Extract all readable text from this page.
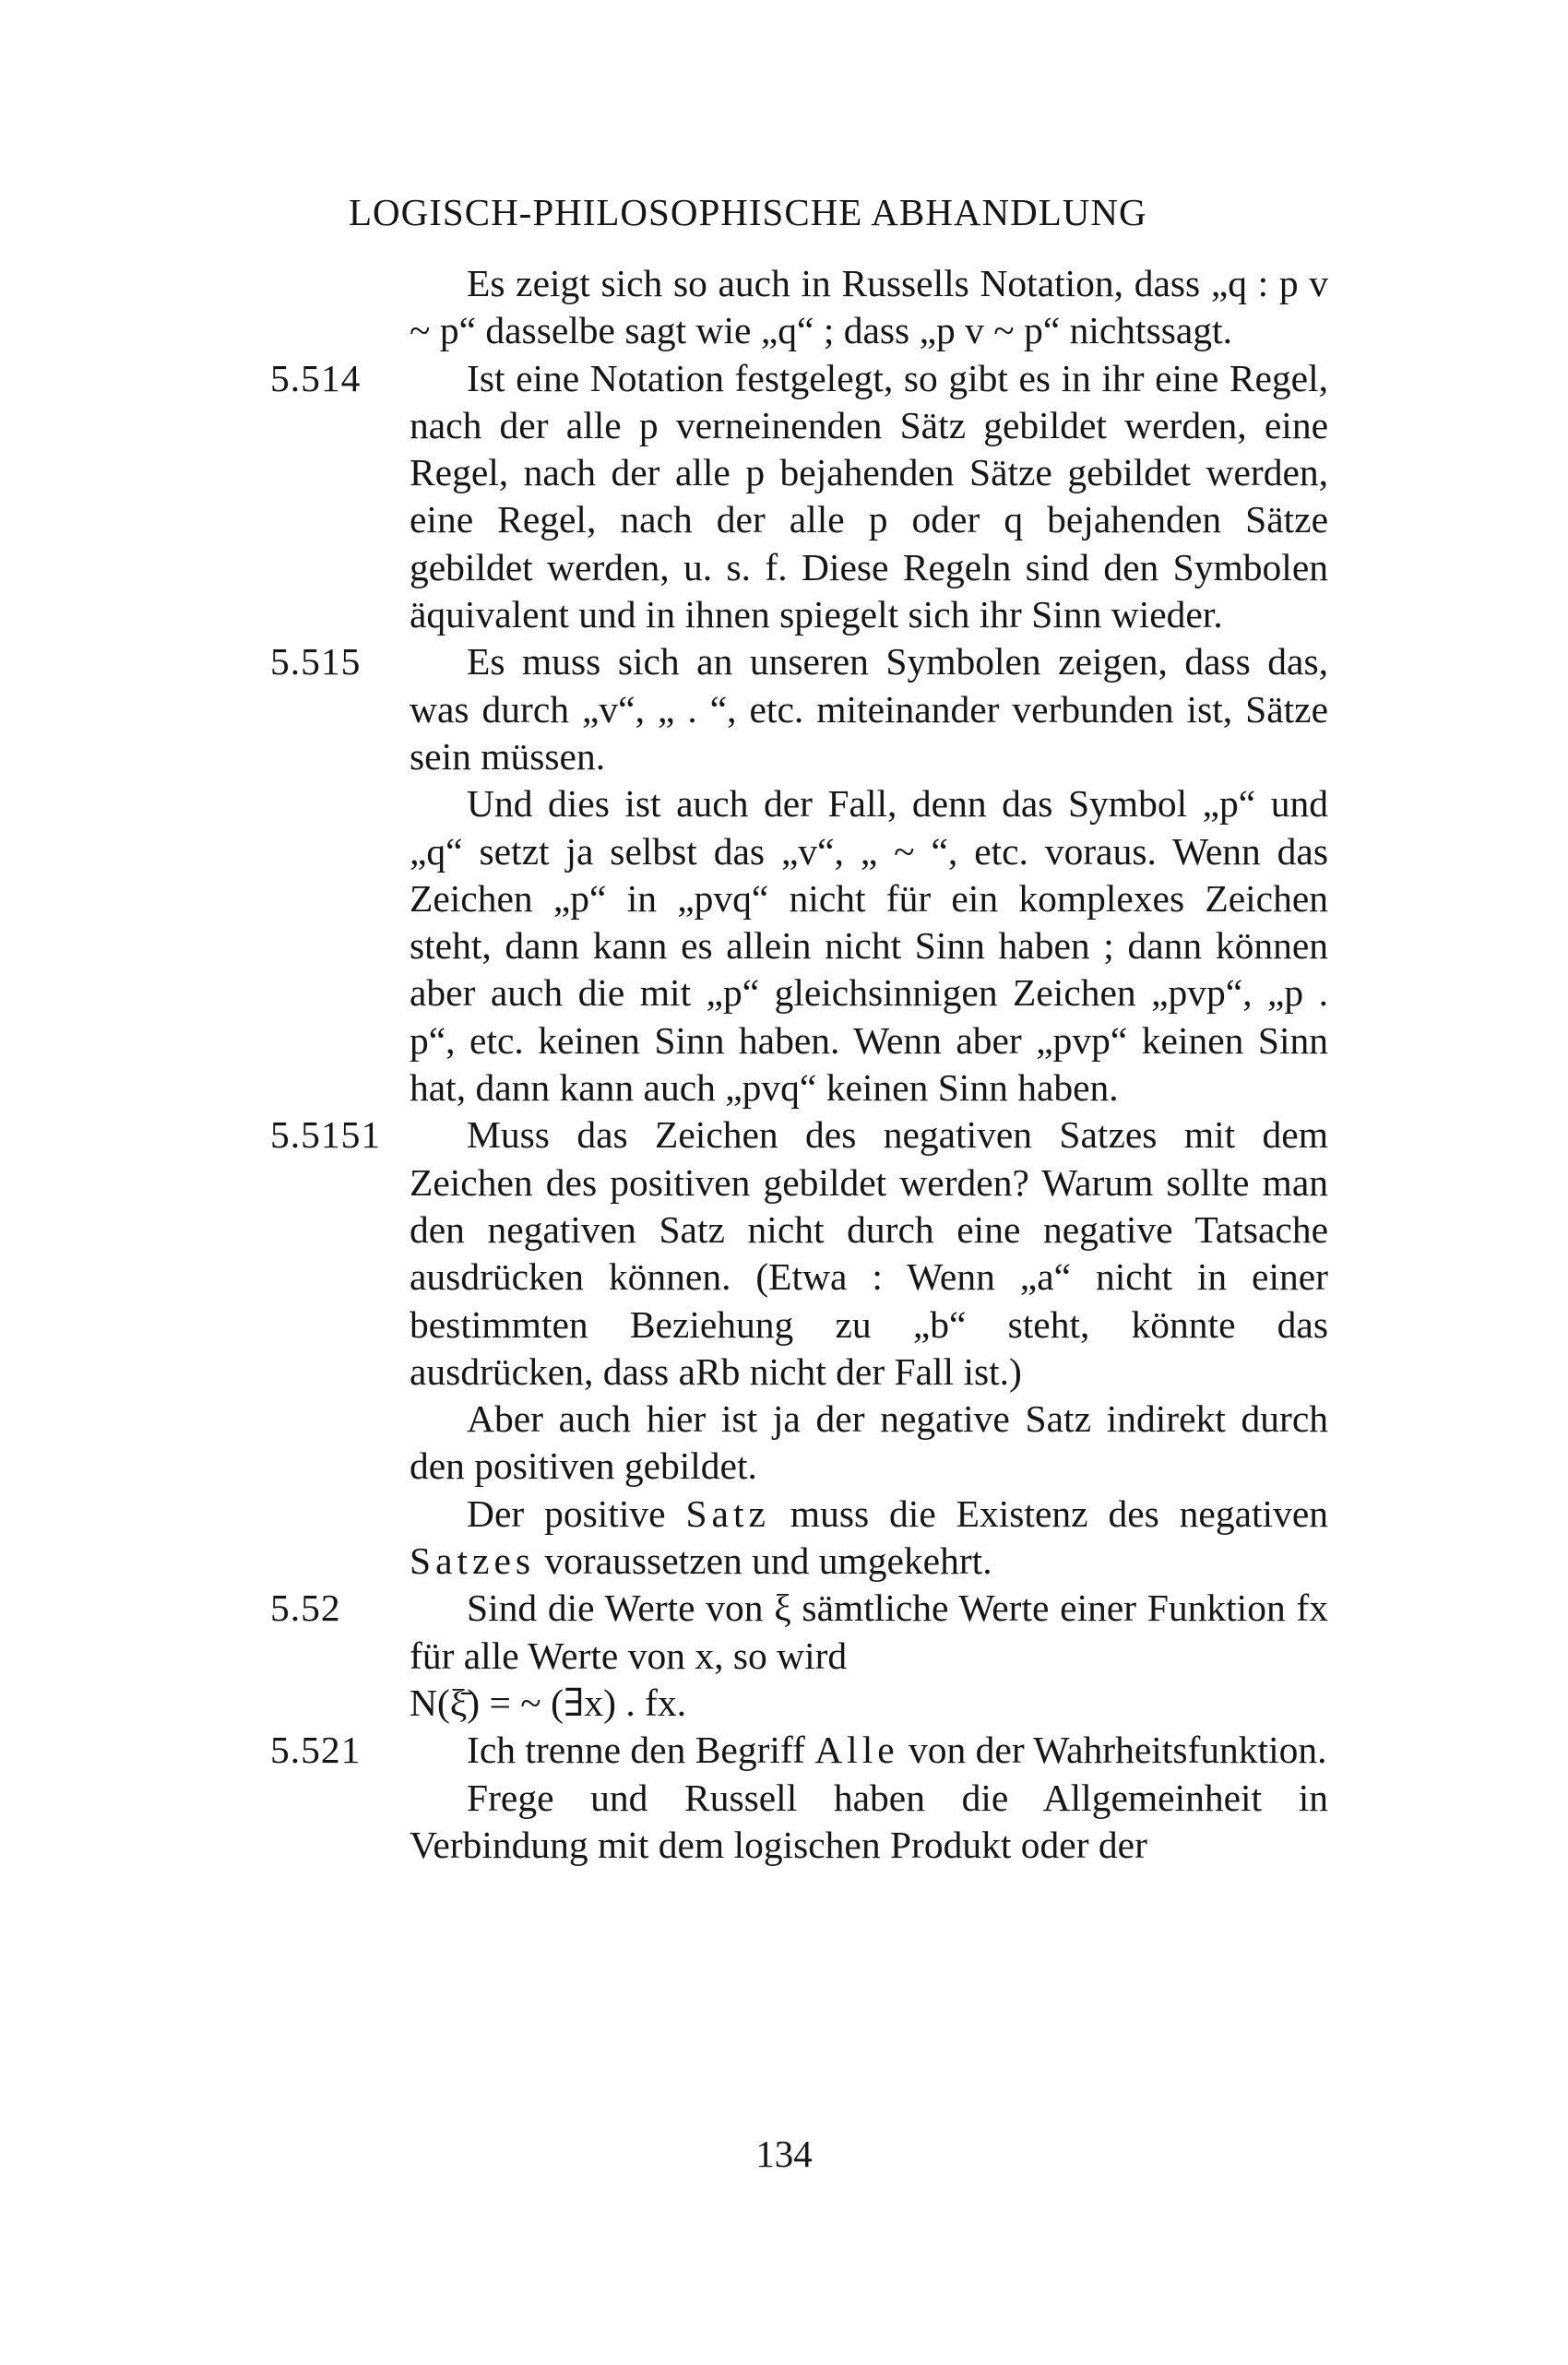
LOGISCH-PHILOSOPHISCHE ABHANDLUNG

Es zeigt sich so auch in Russells Notation, dass „q : p v ~ p“ dasselbe sagt wie „q“ ; dass „p v ~ p“ nichtssagt.

5.514	Ist eine Notation festgelegt, so gibt es in ihr eine Regel, nach der alle p verneinenden Sätz gebildet werden, eine Regel, nach der alle p bejahenden Sätze gebildet werden, eine Regel, nach der alle p oder q bejahenden Sätze gebildet werden, u. s. f. Diese Regeln sind den Symbolen äquivalent und in ihnen spiegelt sich ihr Sinn wieder.

5.515	Es muss sich an unseren Symbolen zeigen, dass das, was durch „v“, „ . “, etc. miteinander verbunden ist, Sätze sein müssen.

Und dies ist auch der Fall, denn das Symbol „p“ und „q“ setzt ja selbst das „v“, „ ~ “, etc. voraus. Wenn das Zeichen „p“ in „pvq“ nicht für ein komplexes Zeichen steht, dann kann es allein nicht Sinn haben ; dann können aber auch die mit „p“ gleichsinnigen Zeichen „pvp“, „p . p“, etc. keinen Sinn haben. Wenn aber „pvp“ keinen Sinn hat, dann kann auch „pvq“ keinen Sinn haben.

5.5151 Muss das Zeichen des negativen Satzes mit dem Zeichen des positiven gebildet werden? Warum sollte man den negativen Satz nicht durch eine negative Tatsache ausdrücken können. (Etwa : Wenn „a“ nicht in einer bestimmten Beziehung zu „b“ steht, könnte das ausdrücken, dass aRb nicht der Fall ist.)

Aber auch hier ist ja der negative Satz indirekt durch den positiven gebildet.

Der positive Satz muss die Existenz des negativen Satzes voraussetzen und umgekehrt.

5.52	Sind die Werte von ξ sämtliche Werte einer Funktion fx für alle Werte von x, so wird

N(ξ̄) = ~ (∃x) . fx.

5.521	Ich trenne den Begriff Alle von der Wahrheitsfunktion.

Frege und Russell haben die Allgemeinheit in Verbindung mit dem logischen Produkt oder der

134
